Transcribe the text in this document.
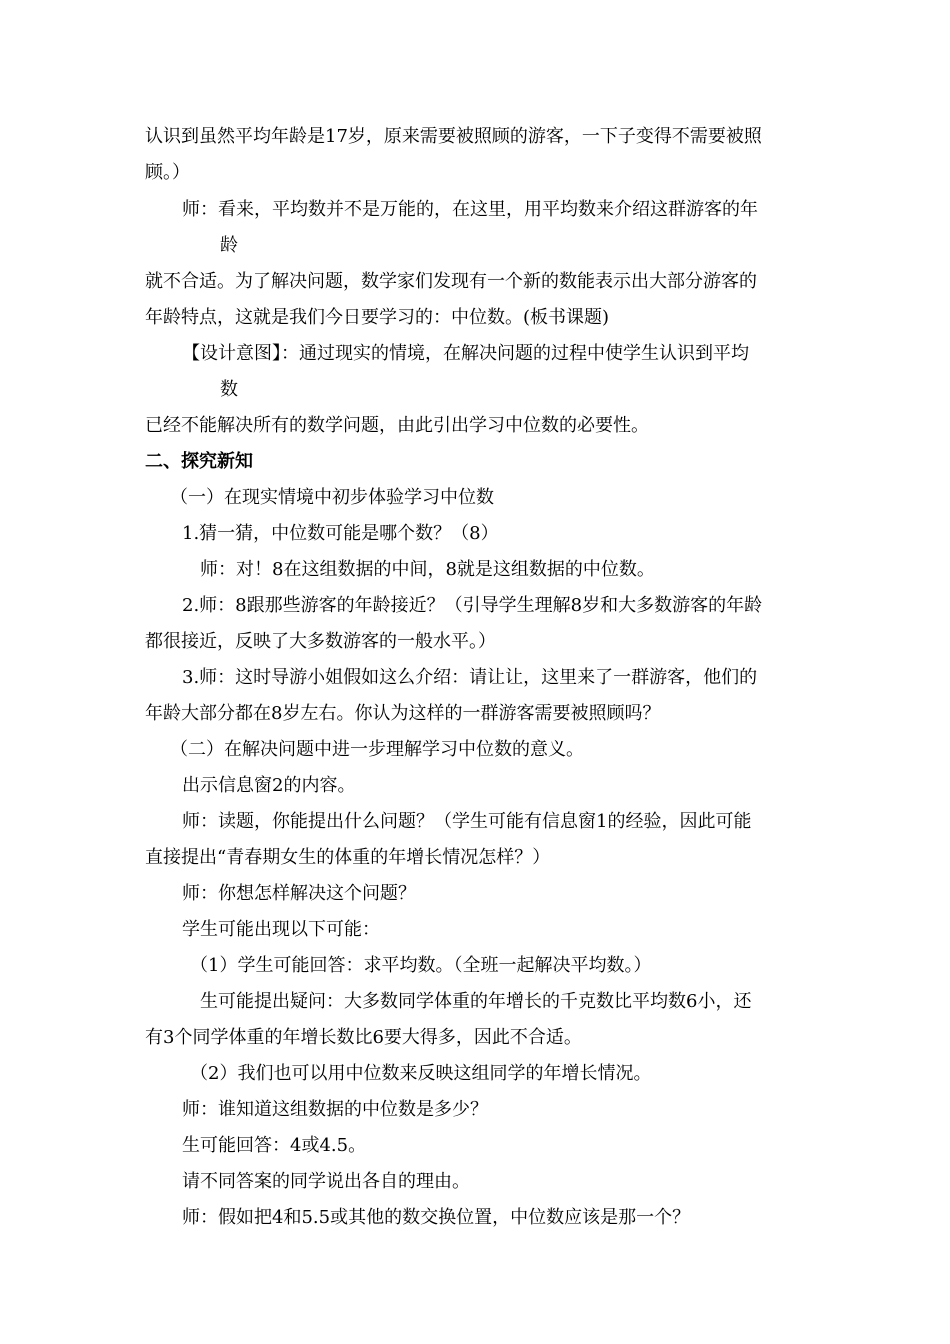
认识到虽然平均年龄是17岁，原来需要被照顾的游客，一下子变得不需要被照
顾。）
师：看来，平均数并不是万能的，在这里，用平均数来介绍这群游客的年
龄
就不合适。为了解决问题，数学家们发现有一个新的数能表示出大部分游客的
年龄特点，这就是我们今日要学习的：中位数。(板书课题)
【设计意图】：通过现实的情境，在解决问题的过程中使学生认识到平均
数
已经不能解决所有的数学问题，由此引出学习中位数的必要性。
二、探究新知
（一）在现实情境中初步体验学习中位数
1.猜一猜，中位数可能是哪个数？（8）
师：对！8在这组数据的中间，8就是这组数据的中位数。
2.师：8跟那些游客的年龄接近？（引导学生理解8岁和大多数游客的年龄
都很接近，反映了大多数游客的一般水平。）
3.师：这时导游小姐假如这么介绍：请让让，这里来了一群游客，他们的
年龄大部分都在8岁左右。你认为这样的一群游客需要被照顾吗？
（二）在解决问题中进一步理解学习中位数的意义。
出示信息窗2的内容。
师：读题，你能提出什么问题？（学生可能有信息窗1的经验，因此可能
直接提出“青春期女生的体重的年增长情况怎样？）
师：你想怎样解决这个问题？
学生可能出现以下可能：
（1）学生可能回答：求平均数。（全班一起解决平均数。）
生可能提出疑问：大多数同学体重的年增长的千克数比平均数6小，还
有3个同学体重的年增长数比6要大得多，因此不合适。
（2）我们也可以用中位数来反映这组同学的年增长情况。
师：谁知道这组数据的中位数是多少？
生可能回答：4或4.5。
请不同答案的同学说出各自的理由。
师：假如把4和5.5或其他的数交换位置，中位数应该是那一个？
